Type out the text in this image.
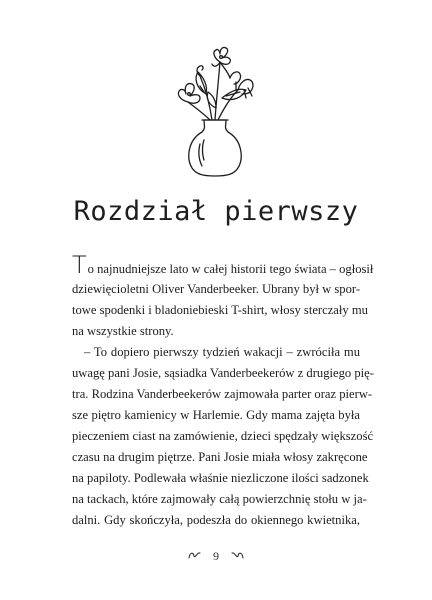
Rozdział pierwszy
To najnudniejsze lato w całej historii tego świata – ogłosił
dziewięcioletni Oliver Vanderbeeker. Ubrany był w spor-
towe spodenki i bladoniebieski T-shirt, włosy sterczały mu
na wszystkie strony.
– To dopiero pierwszy tydzień wakacji – zwróciła mu
uwagę pani Josie, sąsiadka Vanderbeekerów z drugiego pię-
tra. Rodzina Vanderbeekerów zajmowała parter oraz pierw-
sze piętro kamienicy w Harlemie. Gdy mama zajęta była
pieczeniem ciast na zamówienie, dzieci spędzały większość
czasu na drugim piętrze. Pani Josie miała włosy zakręcone
na papiloty. Podlewała właśnie niezliczone ilości sadzonek
na tackach, które zajmowały całą powierzchnię stołu w ja-
dalni. Gdy skończyła, podeszła do okiennego kwietnika,
9
